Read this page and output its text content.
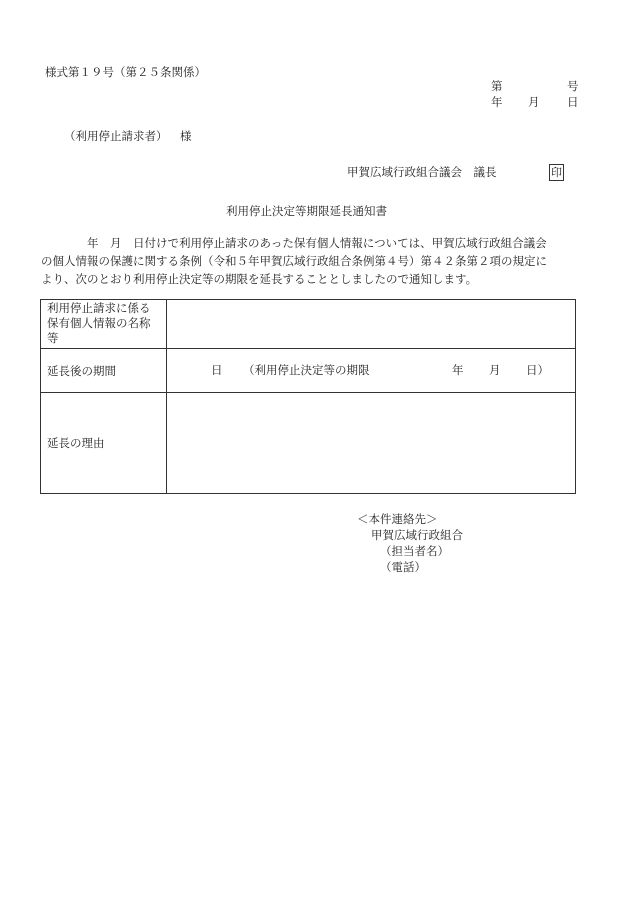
様式第１９号（第２５条関係）
第	号
年 月 日
（利用停止請求者） 様
甲賀広域行政組合議会　議長	印
利用停止決定等期限延長通知書

　　　　年　月　日付けで利用停止請求のあった保有個人情報については、甲賀広域行政組合議会

の個人情報の保護に関する条例（令和５年甲賀広域行政組合条例第４号）第４２条第２項の規定に

より、次のとおり利用停止決定等の期限を延長することとしましたので通知します。

利用停止請求に係る
保有個人情報の名称
等
延長後の期間	日 （利用停止決定等の期限	年 月 日）
延長の理由
＜本件連絡先＞
甲賀広域行政組合
（担当者名）
（電話）
